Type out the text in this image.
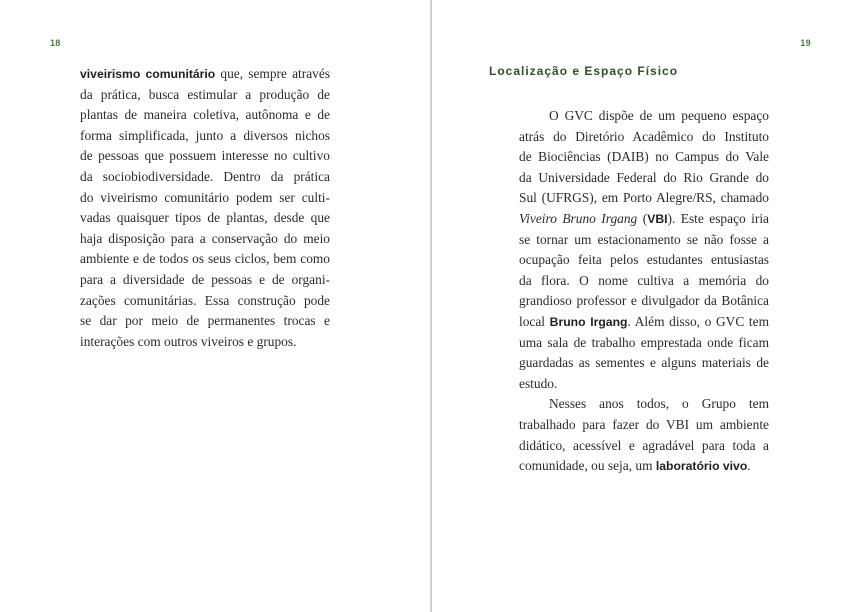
18
viveirismo comunitário que, sempre através
da prática, busca estimular a produção de
plantas de maneira coletiva, autônoma e de
forma simplificada, junto a diversos nichos
de pessoas que possuem interesse no cultivo
da sociobiodiversidade. Dentro da prática
do viveirismo comunitário podem ser culti-
vadas quaisquer tipos de plantas, desde que
haja disposição para a conservação do meio
ambiente e de todos os seus ciclos, bem como
para a diversidade de pessoas e de organi-
zações comunitárias. Essa construção pode
se dar por meio de permanentes trocas e
interações com outros viveiros e grupos.
19
Localização e Espaço Físico
O GVC dispõe de um pequeno espaço
atrás do Diretório Acadêmico do Instituto
de Biociências (DAIB) no Campus do Vale
da Universidade Federal do Rio Grande do
Sul (UFRGS), em Porto Alegre/RS, chamado
Viveiro Bruno Irgang (VBI). Este espaço iria
se tornar um estacionamento se não fosse a
ocupação feita pelos estudantes entusiastas
da flora. O nome cultiva a memória do
grandioso professor e divulgador da Botânica
local Bruno Irgang. Além disso, o GVC tem
uma sala de trabalho emprestada onde ficam
guardadas as sementes e alguns materiais de
estudo.
Nesses anos todos, o Grupo tem
trabalhado para fazer do VBI um ambiente
didático, acessível e agradável para toda a
comunidade, ou seja, um laboratório vivo.
